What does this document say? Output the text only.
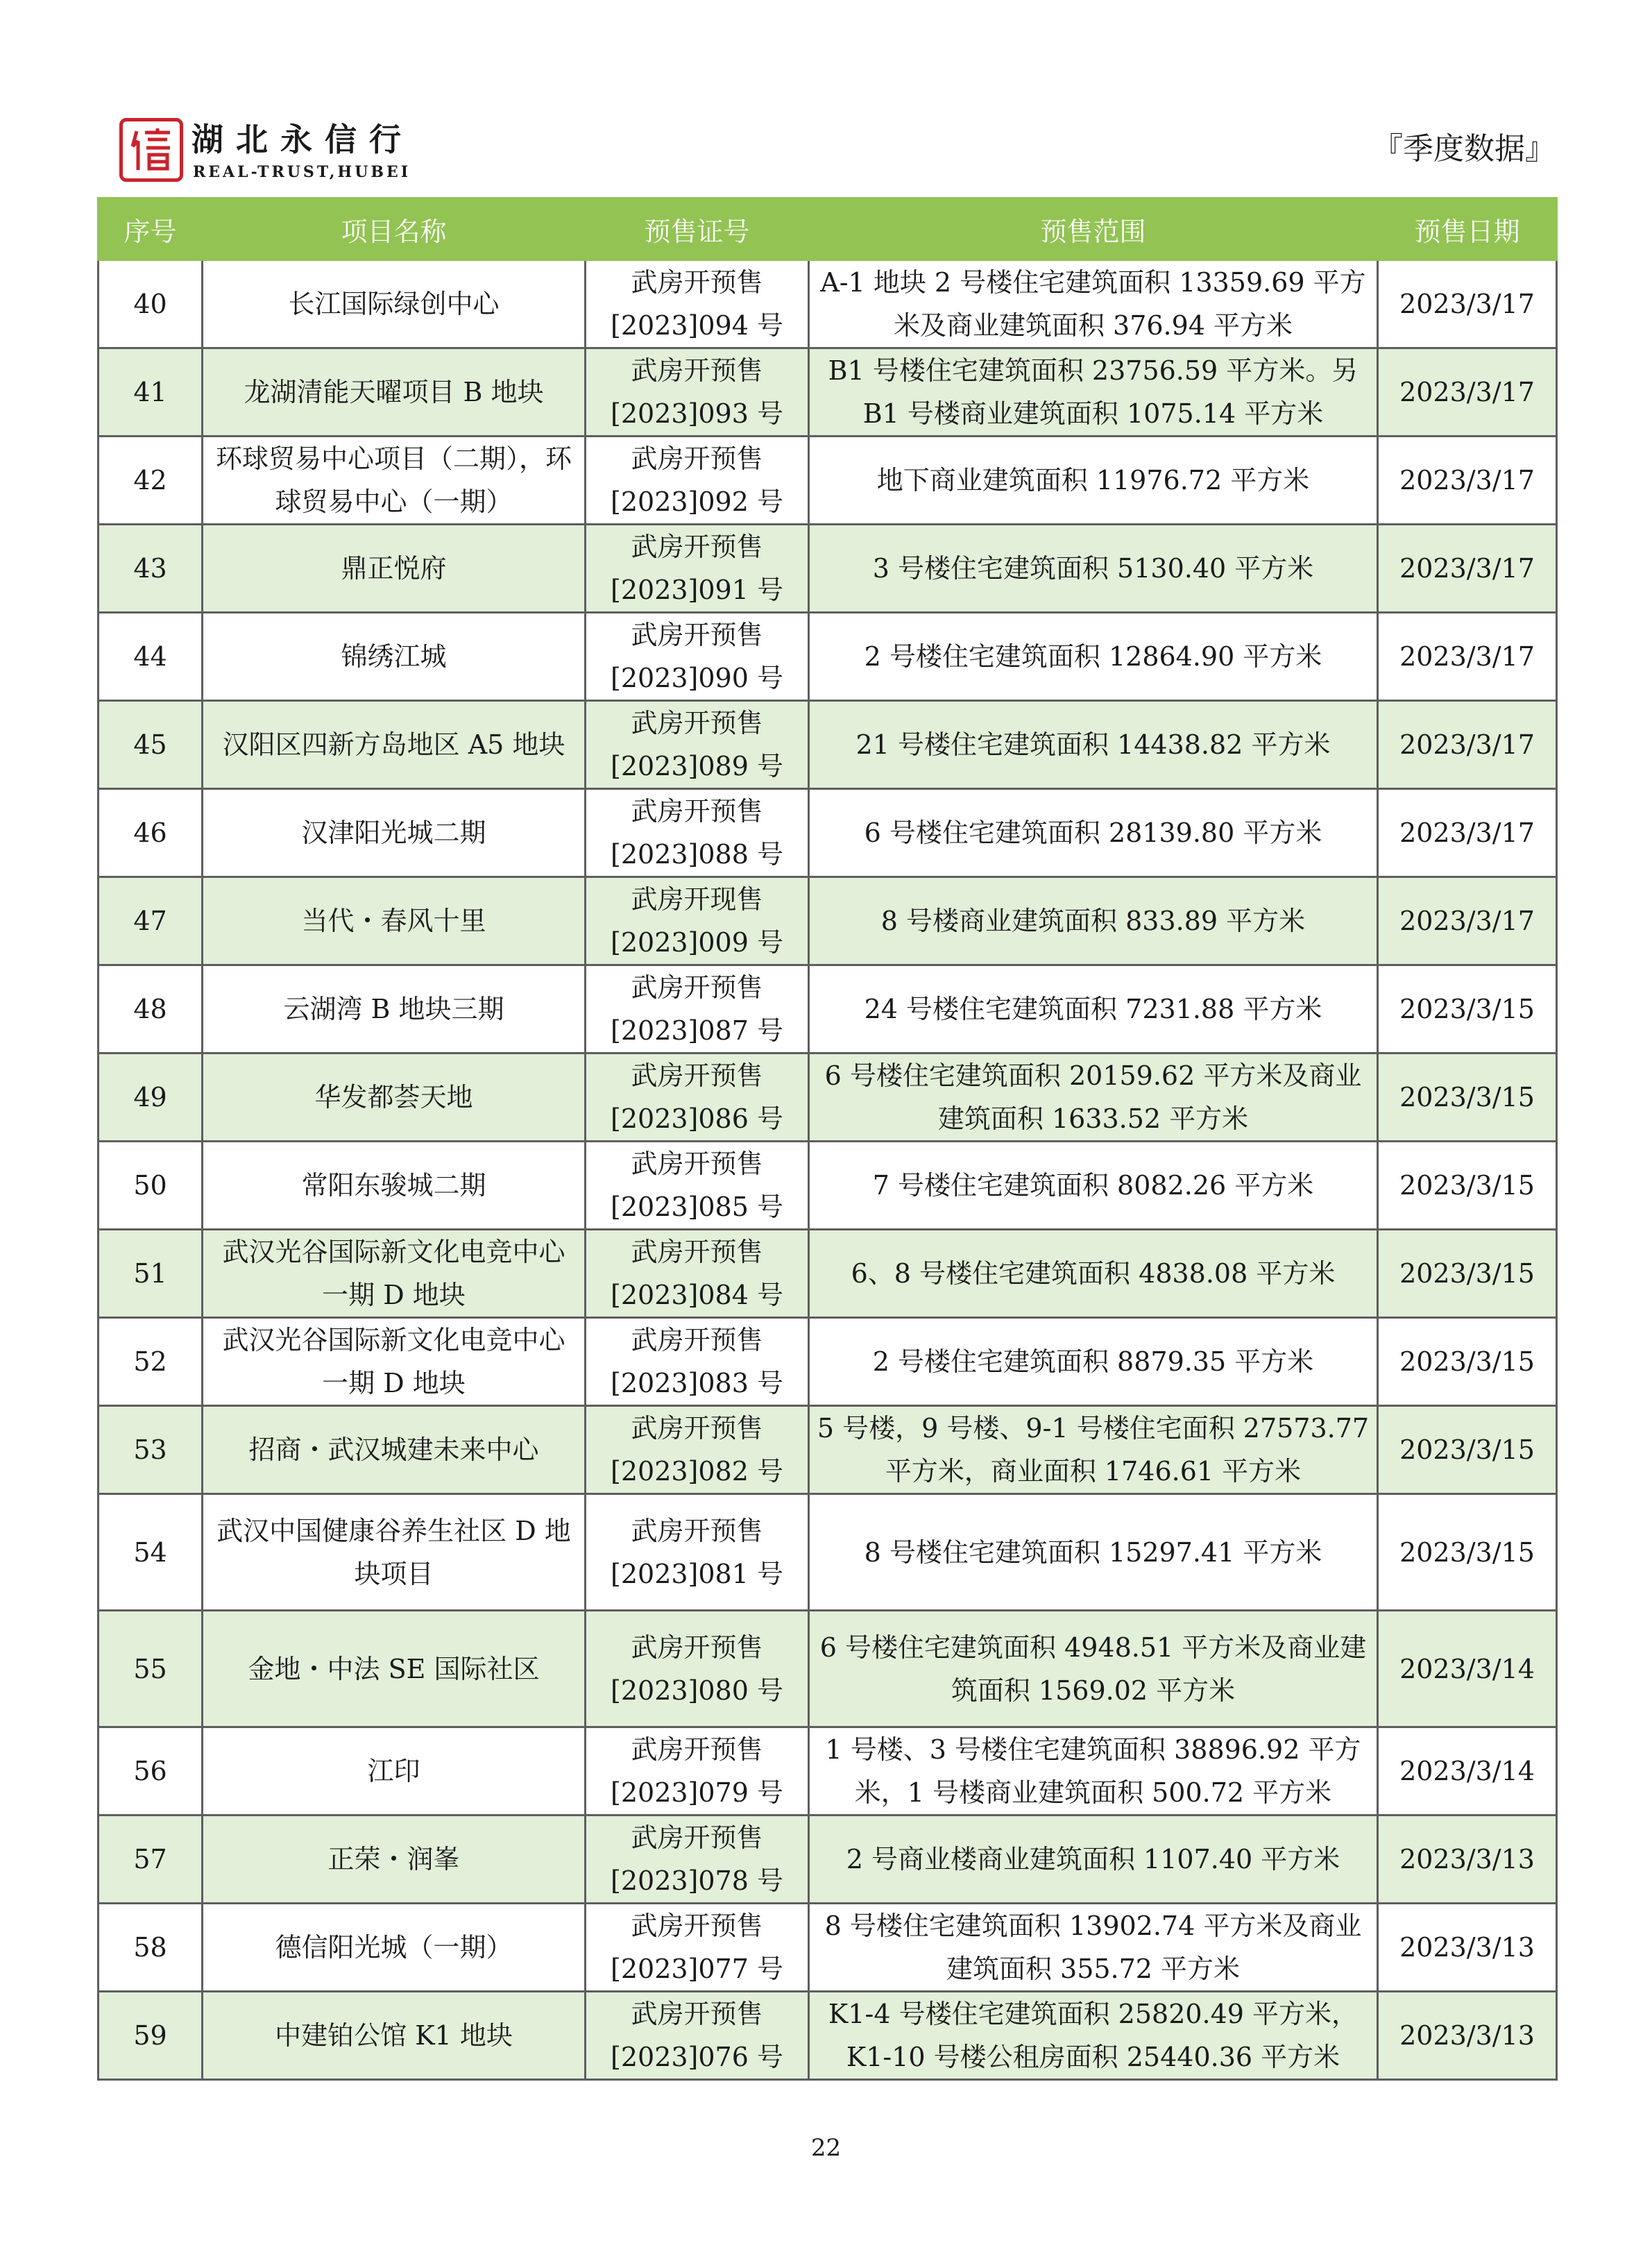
湖北永信行
REAL-TRUST,HUBEI
『季度数据』
序号	项目名称	预售证号	预售范围	预售日期
40	长江国际绿创中心	武房开预售[2023]094 号	A-1 地块 2 号楼住宅建筑面积 13359.69 平方米及商业建筑面积 376.94 平方米	2023/3/17
41	龙湖清能天曜项目 B 地块	武房开预售[2023]093 号	B1 号楼住宅建筑面积 23756.59 平方米。另 B1 号楼商业建筑面积 1075.14 平方米	2023/3/17
42	环球贸易中心项目（二期），环球贸易中心（一期）	武房开预售[2023]092 号	地下商业建筑面积 11976.72 平方米	2023/3/17
43	鼎正悦府	武房开预售[2023]091 号	3 号楼住宅建筑面积 5130.40 平方米	2023/3/17
44	锦绣江城	武房开预售[2023]090 号	2 号楼住宅建筑面积 12864.90 平方米	2023/3/17
45	汉阳区四新方岛地区 A5 地块	武房开预售[2023]089 号	21 号楼住宅建筑面积 14438.82 平方米	2023/3/17
46	汉津阳光城二期	武房开预售[2023]088 号	6 号楼住宅建筑面积 28139.80 平方米	2023/3/17
47	当代・春风十里	武房开现售[2023]009 号	8 号楼商业建筑面积 833.89 平方米	2023/3/17
48	云湖湾 B 地块三期	武房开预售[2023]087 号	24 号楼住宅建筑面积 7231.88 平方米	2023/3/15
49	华发都荟天地	武房开预售[2023]086 号	6 号楼住宅建筑面积 20159.62 平方米及商业建筑面积 1633.52 平方米	2023/3/15
50	常阳东骏城二期	武房开预售[2023]085 号	7 号楼住宅建筑面积 8082.26 平方米	2023/3/15
51	武汉光谷国际新文化电竞中心一期 D 地块	武房开预售[2023]084 号	6、8 号楼住宅建筑面积 4838.08 平方米	2023/3/15
52	武汉光谷国际新文化电竞中心一期 D 地块	武房开预售[2023]083 号	2 号楼住宅建筑面积 8879.35 平方米	2023/3/15
53	招商・武汉城建未来中心	武房开预售[2023]082 号	5 号楼，9 号楼、9-1 号楼住宅面积 27573.77 平方米，商业面积 1746.61 平方米	2023/3/15
54	武汉中国健康谷养生社区 D 地块项目	武房开预售[2023]081 号	8 号楼住宅建筑面积 15297.41 平方米	2023/3/15
55	金地・中法 SE 国际社区	武房开预售[2023]080 号	6 号楼住宅建筑面积 4948.51 平方米及商业建筑面积 1569.02 平方米	2023/3/14
56	江印	武房开预售[2023]079 号	1 号楼、3 号楼住宅建筑面积 38896.92 平方米，1 号楼商业建筑面积 500.72 平方米	2023/3/14
57	正荣・润峯	武房开预售[2023]078 号	2 号商业楼商业建筑面积 1107.40 平方米	2023/3/13
58	德信阳光城（一期）	武房开预售[2023]077 号	8 号楼住宅建筑面积 13902.74 平方米及商业建筑面积 355.72 平方米	2023/3/13
59	中建铂公馆 K1 地块	武房开预售[2023]076 号	K1-4 号楼住宅建筑面积 25820.49 平方米，K1-10 号楼公租房面积 25440.36 平方米	2023/3/13
22
